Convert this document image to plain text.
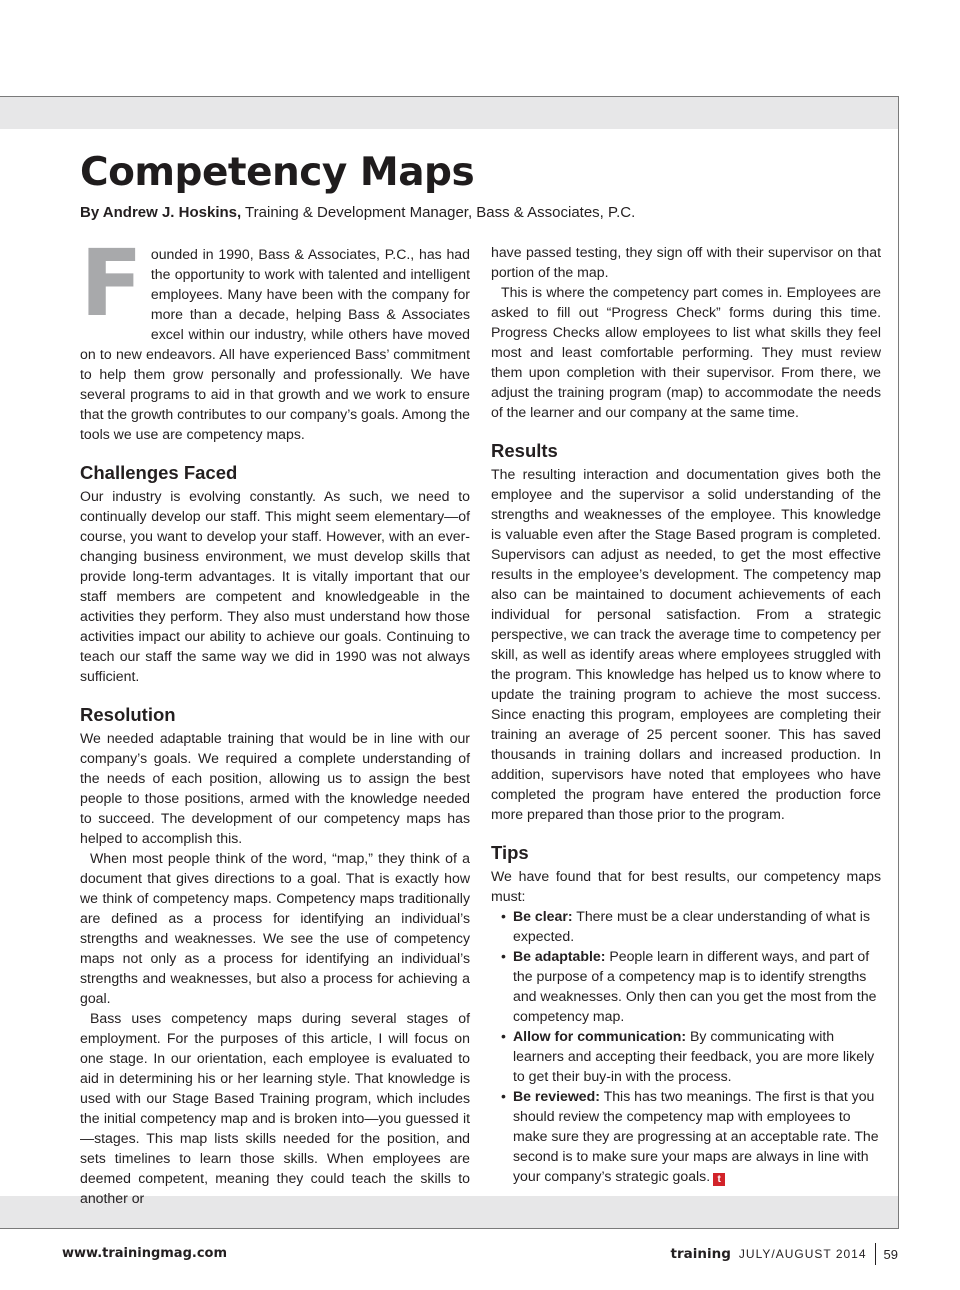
Competency Maps
By Andrew J. Hoskins, Training & Development Manager, Bass & Associates, P.C.

Founded in 1990, Bass & Associates, P.C., has had the opportunity to work with talented and intelligent employees. Many have been with the company for more than a decade, helping Bass & Associates excel within our industry, while others have moved on to new endeavors. All have experienced Bass’ commitment to help them grow personally and professionally. We have several programs to aid in that growth and we work to ensure that the growth contributes to our company’s goals. Among the tools we use are competency maps.

Challenges Faced

Our industry is evolving constantly. As such, we need to continually develop our staff. This might seem elementary—of course, you want to develop your staff. However, with an ever-changing business environment, we must develop skills that provide long-term advantages. It is vitally important that our staff members are competent and knowledgeable in the activities they perform. They also must understand how those activities impact our ability to achieve our goals. Continuing to teach our staff the same way we did in 1990 was not always sufficient.

Resolution

We needed adaptable training that would be in line with our company’s goals. We required a complete understanding of the needs of each position, allowing us to assign the best people to those positions, armed with the knowledge needed to succeed. The development of our competency maps has helped to accomplish this.

When most people think of the word, “map,” they think of a document that gives directions to a goal. That is exactly how we think of competency maps. Competency maps traditionally are defined as a process for identifying an individual’s strengths and weaknesses. We see the use of competency maps not only as a process for identifying an individual’s strengths and weaknesses, but also a process for achieving a goal.

Bass uses competency maps during several stages of employment. For the purposes of this article, I will focus on one stage. In our orientation, each employee is evaluated to aid in determining his or her learning style. That knowledge is used with our Stage Based Training program, which includes the initial competency map and is broken into—you guessed it—stages. This map lists skills needed for the position, and sets timelines to learn those skills. When employees are deemed competent, meaning they could teach the skills to another or

have passed testing, they sign off with their supervisor on that portion of the map.

This is where the competency part comes in. Employees are asked to fill out “Progress Check” forms during this time. Progress Checks allow employees to list what skills they feel most and least comfortable performing. They must review them upon completion with their supervisor. From there, we adjust the training program (map) to accommodate the needs of the learner and our company at the same time.

Results

The resulting interaction and documentation gives both the employee and the supervisor a solid understanding of the strengths and weaknesses of the employee. This knowledge is valuable even after the Stage Based program is completed. Supervisors can adjust as needed, to get the most effective results in the employee’s development. The competency map also can be maintained to document achievements of each individual for personal satisfaction. From a strategic perspective, we can track the average time to competency per skill, as well as identify areas where employees struggled with the program. This knowledge has helped us to know where to update the training program to achieve the most success. Since enacting this program, employees are completing their training an average of 25 percent sooner. This has saved thousands in training dollars and increased production. In addition, supervisors have noted that employees who have completed the program have entered the production force more prepared than those prior to the program.

Tips

We have found that for best results, our competency maps must:

• Be clear: There must be a clear understanding of what is expected.
• Be adaptable: People learn in different ways, and part of the purpose of a competency map is to identify strengths and weaknesses. Only then can you get the most from the competency map.
• Allow for communication: By communicating with learners and accepting their feedback, you are more likely to get their buy-in with the process.
• Be reviewed: This has two meanings. The first is that you should review the competency map with employees to make sure they are progressing at an acceptable rate. The second is to make sure your maps are always in line with your company’s strategic goals. t
www.trainingmag.com	training JULY/AUGUST 2014 59
